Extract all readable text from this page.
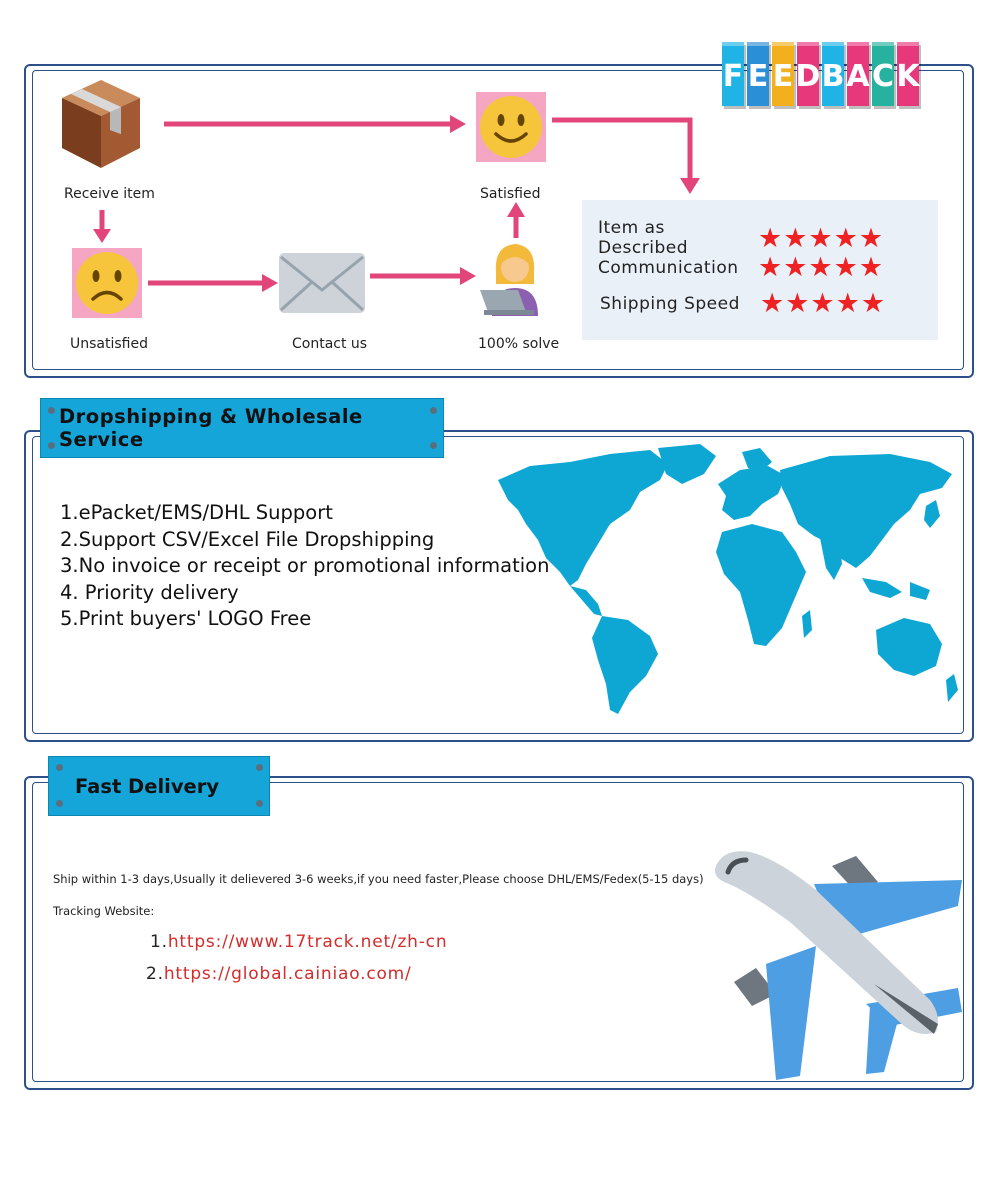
F E E D B A C K
Receive item	Satisfied
Unsatisfied	Contact us	100% solve
Item as Described	★★★★★
Communication ★★★★★
Shipping Speed ★★★★★
Dropshipping & Wholesale Service
1.ePacket/EMS/DHL Support
2.Support CSV/Excel File Dropshipping
3.No invoice or receipt or promotional information
4. Priority delivery
5.Print buyers' LOGO Free
Fast Delivery
Ship within 1-3 days,Usually it delievered 3-6 weeks,if you need faster,Please choose DHL/EMS/Fedex(5-15 days)
Tracking Website:
1.https://www.17track.net/zh-cn
2.https://global.cainiao.com/
